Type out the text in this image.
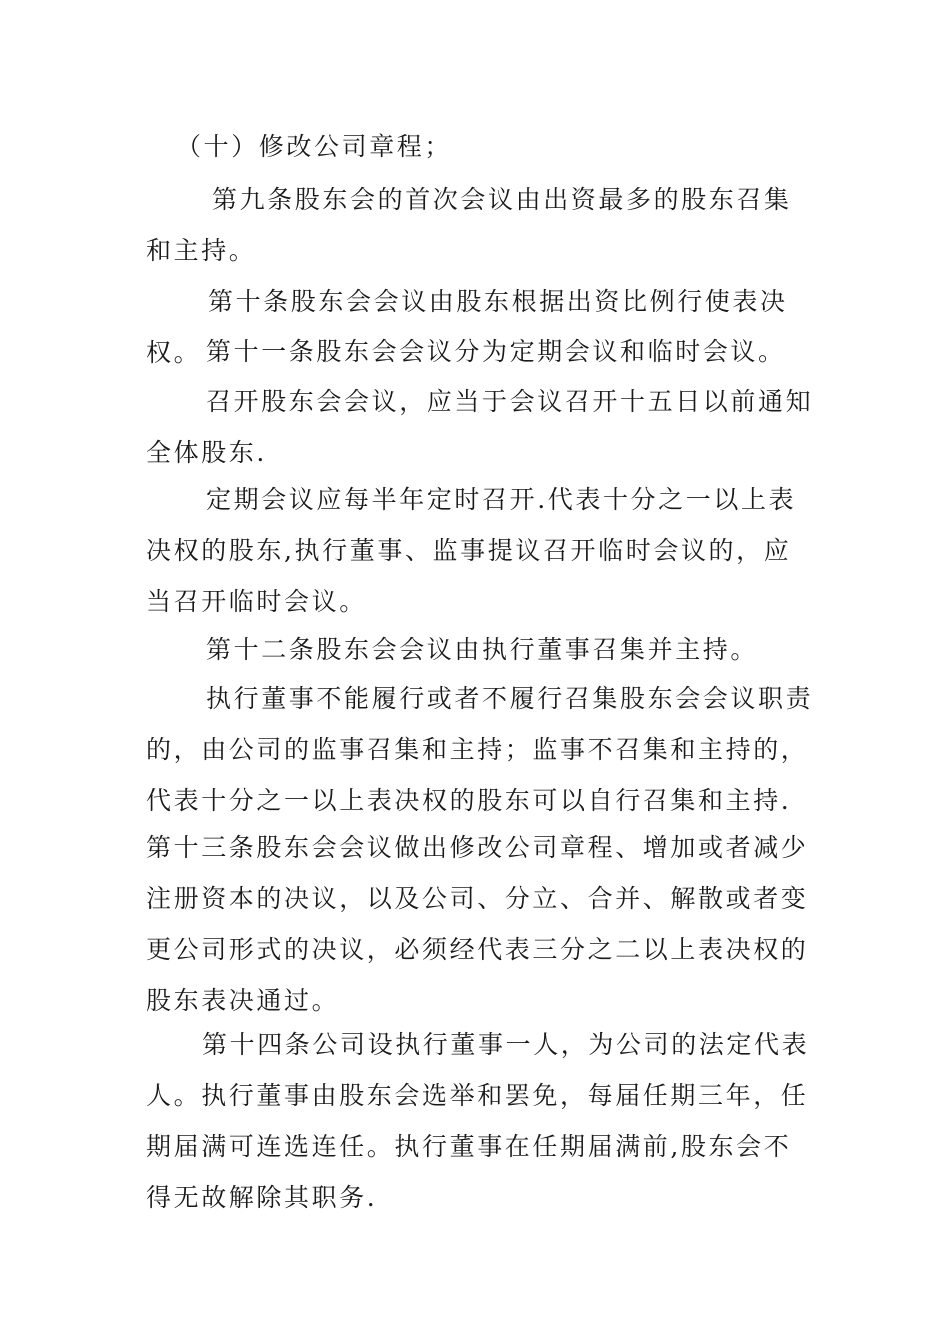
（十）修改公司章程；

第九条股东会的首次会议由出资最多的股东召集和主持。

第十条股东会会议由股东根据出资比例行使表决权。 第十一条股东会会议分为定期会议和临时会议。

召开股东会会议，应当于会议召开十五日以前通知全体股东.

定期会议应每半年定时召开.代表十分之一以上表决权的股东,执行董事、监事提议召开临时会议的，应当召开临时会议。

第十二条股东会会议由执行董事召集并主持。

执行董事不能履行或者不履行召集股东会会议职责的，由公司的监事召集和主持；监事不召集和主持的，代表十分之一以上表决权的股东可以自行召集和主持.

第十三条股东会会议做出修改公司章程、增加或者减少注册资本的决议，以及公司、分立、合并、解散或者变更公司形式的决议，必须经代表三分之二以上表决权的股东表决通过。

第十四条公司设执行董事一人，为公司的法定代表人。执行董事由股东会选举和罢免，每届任期三年，任期届满可连选连任。执行董事在任期届满前,股东会不得无故解除其职务.
